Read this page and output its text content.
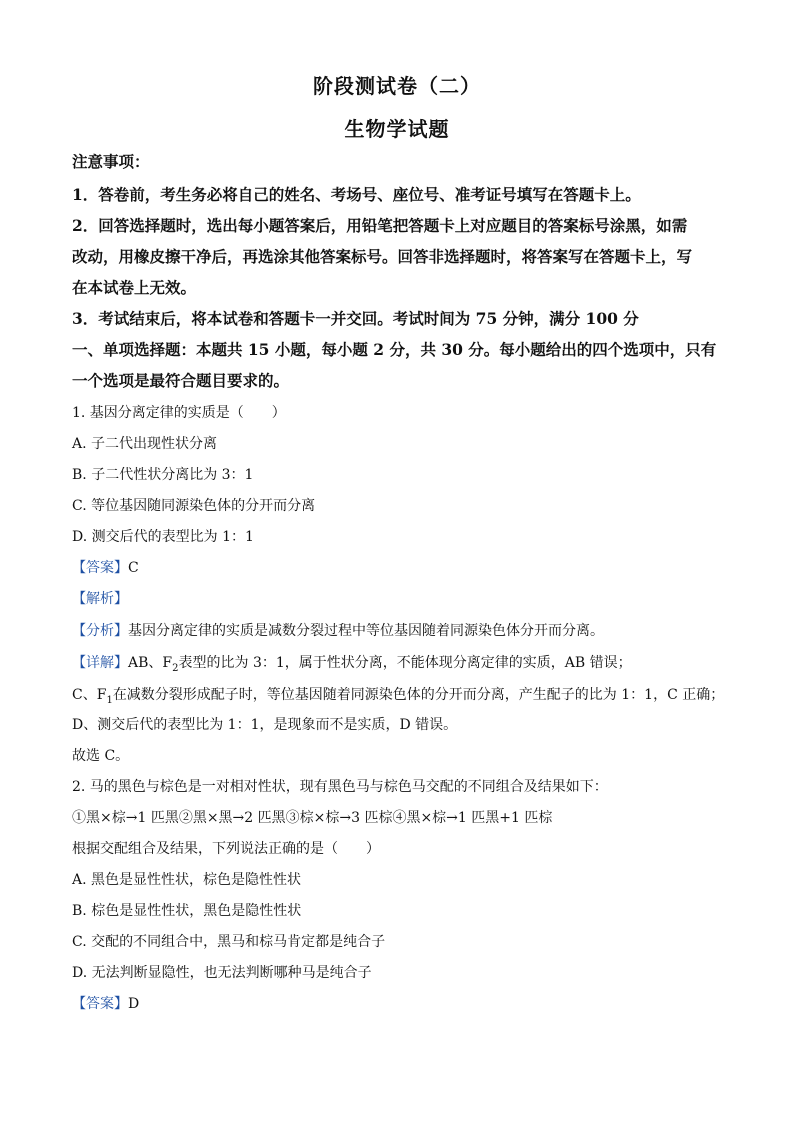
阶段测试卷（二）
生物学试题
注意事项：
1．答卷前，考生务必将自己的姓名、考场号、座位号、准考证号填写在答题卡上。
2．回答选择题时，选出每小题答案后，用铅笔把答题卡上对应题目的答案标号涂黑，如需
改动，用橡皮擦干净后，再选涂其他答案标号。回答非选择题时，将答案写在答题卡上，写
在本试卷上无效。
3．考试结束后，将本试卷和答题卡一并交回。考试时间为 75 分钟，满分 100 分
一、单项选择题：本题共 15 小题，每小题 2 分，共 30 分。每小题给出的四个选项中，只有
一个选项是最符合题目要求的。
1. 基因分离定律的实质是（　　）
A. 子二代出现性状分离
B. 子二代性状分离比为 3：1
C. 等位基因随同源染色体的分开而分离
D. 测交后代的表型比为 1：1
【答案】C
【解析】
【分析】基因分离定律的实质是减数分裂过程中等位基因随着同源染色体分开而分离。
【详解】AB、$F_2$表型的比为 3：1，属于性状分离，不能体现分离定律的实质，AB 错误；
C、$F_1$在减数分裂形成配子时，等位基因随着同源染色体的分开而分离，产生配子的比为 1：1，C 正确；
D、测交后代的表型比为 1：1，是现象而不是实质，D 错误。
故选 C。
2. 马的黑色与棕色是一对相对性状，现有黑色马与棕色马交配的不同组合及结果如下：
①黑×棕→1 匹黑②黑×黑→2 匹黑③棕×棕→3 匹棕④黑×棕→1 匹黑+1 匹棕
根据交配组合及结果，下列说法正确的是（　　）
A. 黑色是显性性状，棕色是隐性性状
B. 棕色是显性性状，黑色是隐性性状
C. 交配的不同组合中，黑马和棕马肯定都是纯合子
D. 无法判断显隐性，也无法判断哪种马是纯合子
【答案】D
